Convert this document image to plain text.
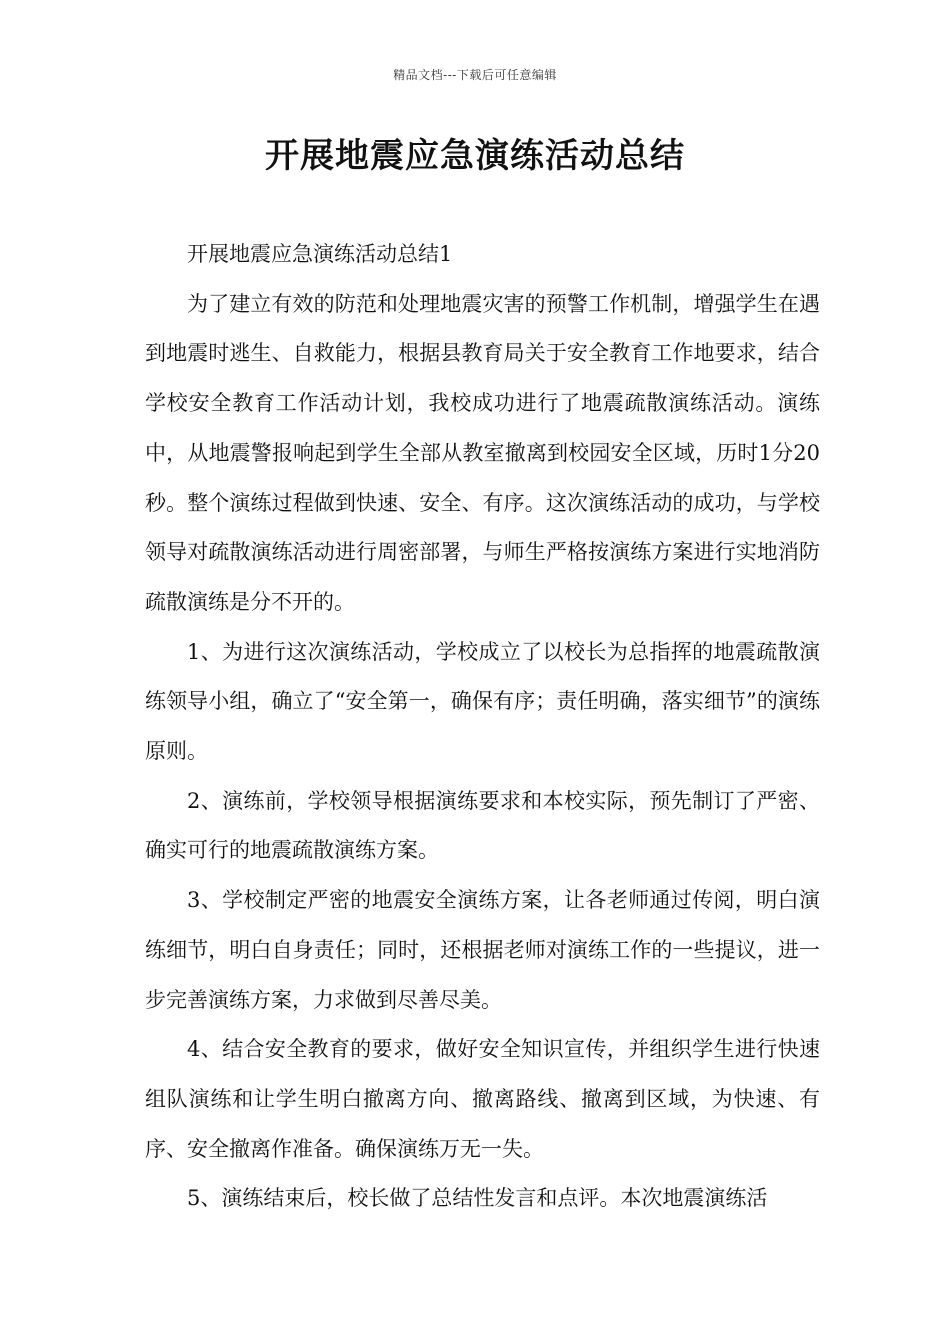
精品文档---下载后可任意编辑
开展地震应急演练活动总结

开展地震应急演练活动总结1

为了建立有效的防范和处理地震灾害的预警工作机制，增强学生在遇到地震时逃生、自救能力，根据县教育局关于安全教育工作地要求，结合学校安全教育工作活动计划，我校成功进行了地震疏散演练活动。演练中，从地震警报响起到学生全部从教室撤离到校园安全区域，历时1分20秒。整个演练过程做到快速、安全、有序。这次演练活动的成功，与学校领导对疏散演练活动进行周密部署，与师生严格按演练方案进行实地消防疏散演练是分不开的。

1、为进行这次演练活动，学校成立了以校长为总指挥的地震疏散演练领导小组，确立了“安全第一，确保有序；责任明确，落实细节”的演练原则。

2、演练前，学校领导根据演练要求和本校实际，预先制订了严密、确实可行的地震疏散演练方案。

3、学校制定严密的地震安全演练方案，让各老师通过传阅，明白演练细节，明白自身责任；同时，还根据老师对演练工作的一些提议，进一步完善演练方案，力求做到尽善尽美。

4、结合安全教育的要求，做好安全知识宣传，并组织学生进行快速组队演练和让学生明白撤离方向、撤离路线、撤离到区域，为快速、有序、安全撤离作准备。确保演练万无一失。

5、演练结束后，校长做了总结性发言和点评。本次地震演练活
